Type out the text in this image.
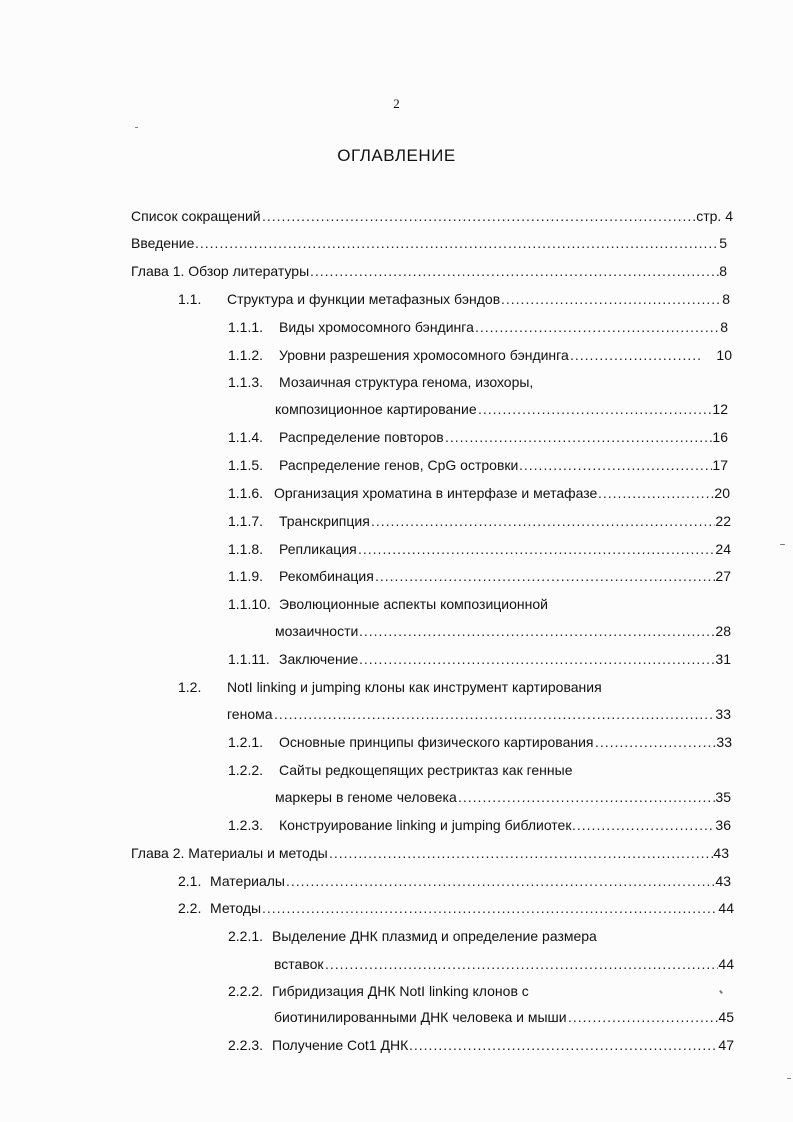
2
ОГЛАВЛЕНИЕ
Список сокращений .....	стр. 4
Введение .....	5
Глава 1. Обзор литературы .....	8
1.1. Структура и функции метафазных бэндов .....	8
1.1.1. Виды хромосомного бэндинга .....	8
1.1.2. Уровни разрешения хромосомного бэндинга .....	10
1.1.3. Мозаичная структура генома, изохоры,
композиционное картирование .....	12
1.1.4. Распределение повторов .....	16
1.1.5. Распределение генов, CpG островки .....	17
1.1.6. Организация хроматина в интерфазе и метафазе .....	20
1.1.7. Транскрипция .....	22
1.1.8. Репликация .....	24
1.1.9. Рекомбинация .....	27
1.1.10. Эволюционные аспекты композиционной
мозаичности .....	28
1.1.11. Заключение .....	31
1.2. NotI linking и jumping клоны как инструмент картирования
генома .....	33
1.2.1. Основные принципы физического картирования .....	33
1.2.2. Сайты редкощепящих рестриктаз как генные
маркеры в геноме человека .....	35
1.2.3. Конструирование linking и jumping библиотек .....	36
Глава 2. Материалы и методы .....	43
2.1. Материалы .....	43
2.2. Методы .....	44
2.2.1. Выделение ДНК плазмид и определение размера
вставок .....	44
2.2.2. Гибридизация ДНК NotI linking клонов с
биотинилированными ДНК человека и мыши .....	45
2.2.3. Получение Cot1 ДНК .....	47
